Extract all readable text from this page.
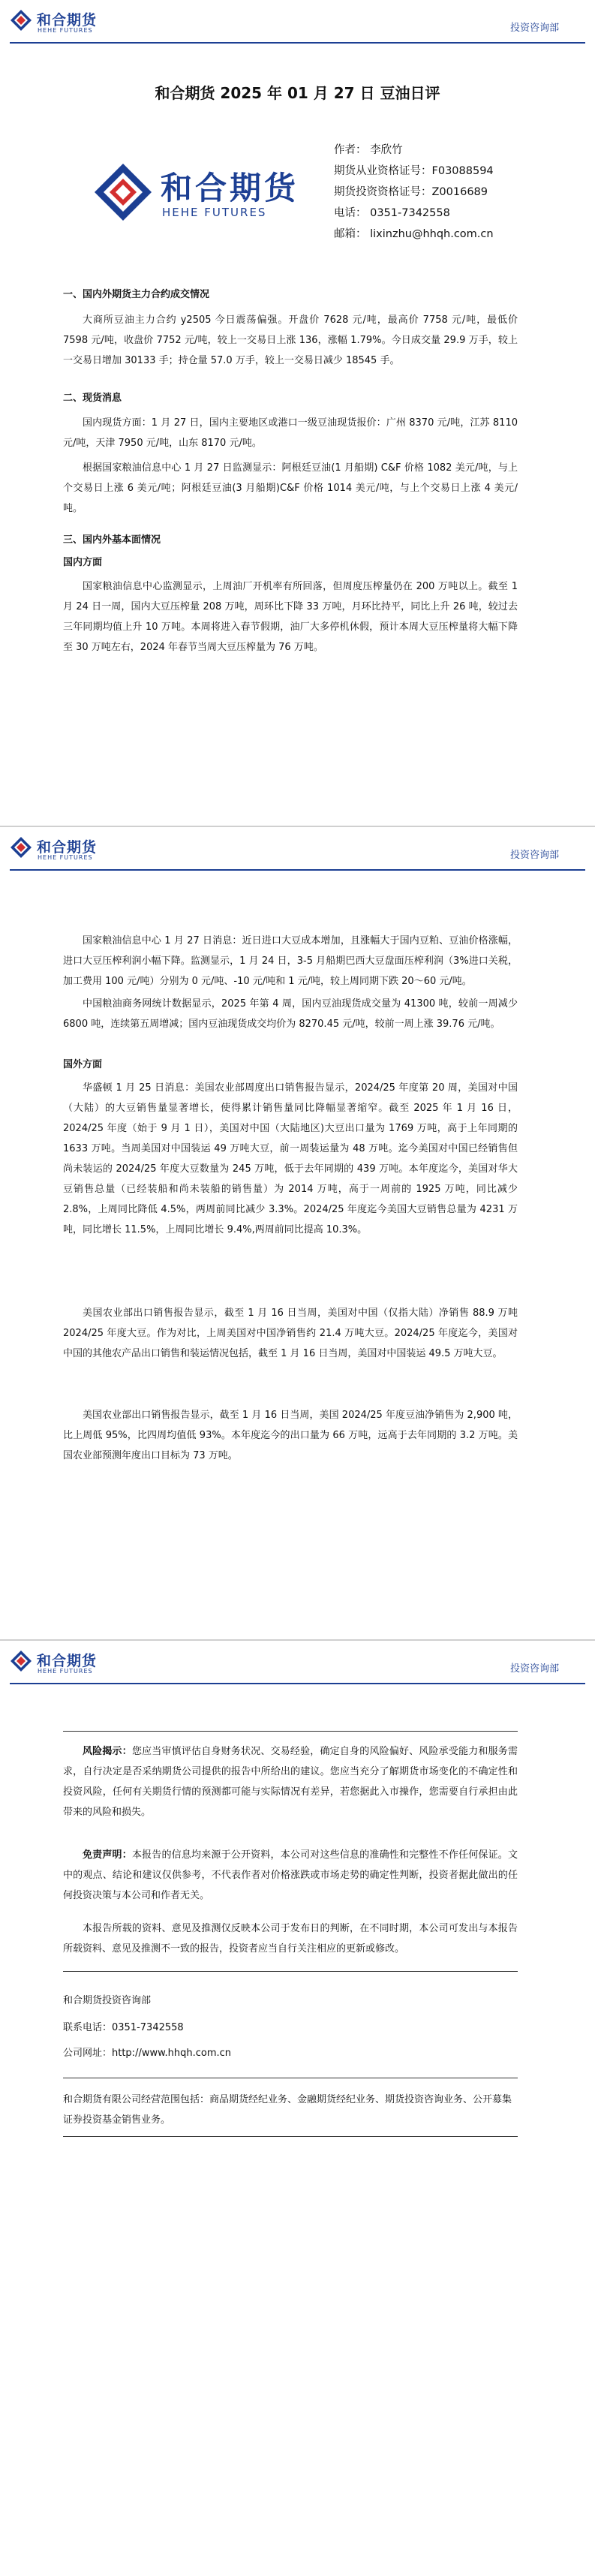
和合期货
HEHE FUTURES	投资咨询部
和合期货 2025 年 01 月 27 日 豆油日评
和合期货
HEHE FUTURES
作者： 李欣竹
期货从业资格证号：F03088594
期货投资资格证号：Z0016689
电话： 0351-7342558
邮箱： lixinzhu@hhqh.com.cn
一、国内外期货主力合约成交情况
大商所豆油主力合约 y2505 今日震荡偏强。开盘价 7628 元/吨，最高价 7758 元/吨，最低价 7598 元/吨，收盘价 7752 元/吨，较上一交易日上涨 136，涨幅 1.79%。今日成交量 29.9 万手，较上一交易日增加 30133 手；持仓量 57.0 万手，较上一交易日减少 18545 手。
二、现货消息
国内现货方面：1 月 27 日，国内主要地区或港口一级豆油现货报价：广州 8370 元/吨，江苏 8110 元/吨，天津 7950 元/吨，山东 8170 元/吨。
根据国家粮油信息中心 1 月 27 日监测显示：阿根廷豆油(1 月船期) C&F 价格 1082 美元/吨，与上个交易日上涨 6 美元/吨；阿根廷豆油(3 月船期)C&F 价格 1014 美元/吨，与上个交易日上涨 4 美元/吨。
三、国内外基本面情况
国内方面
国家粮油信息中心监测显示，上周油厂开机率有所回落，但周度压榨量仍在 200 万吨以上。截至 1 月 24 日一周，国内大豆压榨量 208 万吨，周环比下降 33 万吨，月环比持平，同比上升 26 吨，较过去三年同期均值上升 10 万吨。本周将进入春节假期，油厂大多停机休假，预计本周大豆压榨量将大幅下降至 30 万吨左右，2024 年春节当周大豆压榨量为 76 万吨。
和合期货
HEHE FUTURES	投资咨询部
国家粮油信息中心 1 月 27 日消息：近日进口大豆成本增加，且涨幅大于国内豆粕、豆油价格涨幅，进口大豆压榨利润小幅下降。监测显示，1 月 24 日，3-5 月船期巴西大豆盘面压榨利润（3%进口关税，加工费用 100 元/吨）分别为 0 元/吨、-10 元/吨和 1 元/吨，较上周同期下跌 20～60 元/吨。
中国粮油商务网统计数据显示，2025 年第 4 周，国内豆油现货成交量为 41300 吨，较前一周减少 6800 吨，连续第五周增减；国内豆油现货成交均价为 8270.45 元/吨，较前一周上涨 39.76 元/吨。
国外方面
华盛顿 1 月 25 日消息：美国农业部周度出口销售报告显示，2024/25 年度第 20 周，美国对中国（大陆）的大豆销售量显著增长，使得累计销售量同比降幅显著缩窄。截至 2025 年 1 月 16 日，2024/25 年度（始于 9 月 1 日），美国对中国（大陆地区)大豆出口量为 1769 万吨，高于上年同期的 1633 万吨。当周美国对中国装运 49 万吨大豆，前一周装运量为 48 万吨。迄今美国对中国已经销售但尚未装运的 2024/25 年度大豆数量为 245 万吨，低于去年同期的 439 万吨。本年度迄今，美国对华大豆销售总量（已经装船和尚未装船的销售量）为 2014 万吨，高于一周前的 1925 万吨，同比减少 2.8%，上周同比降低 4.5%，两周前同比减少 3.3%。2024/25 年度迄今美国大豆销售总量为 4231 万吨，同比增长 11.5%，上周同比增长 9.4%,两周前同比提高 10.3%。
美国农业部出口销售报告显示，截至 1 月 16 日当周，美国对中国（仅指大陆）净销售 88.9 万吨 2024/25 年度大豆。作为对比，上周美国对中国净销售约 21.4 万吨大豆。2024/25 年度迄今，美国对中国的其他农产品出口销售和装运情况包括，截至 1 月 16 日当周，美国对中国装运 49.5 万吨大豆。
美国农业部出口销售报告显示，截至 1 月 16 日当周，美国 2024/25 年度豆油净销售为 2,900 吨，比上周低 95%，比四周均值低 93%。本年度迄今的出口量为 66 万吨，远高于去年同期的 3.2 万吨。美国农业部预测年度出口目标为 73 万吨。
和合期货
HEHE FUTURES	投资咨询部
风险揭示：您应当审慎评估自身财务状况、交易经验，确定自身的风险偏好、风险承受能力和服务需求，自行决定是否采纳期货公司提供的报告中所给出的建议。您应当充分了解期货市场变化的不确定性和投资风险，任何有关期货行情的预测都可能与实际情况有差异，若您据此入市操作，您需要自行承担由此带来的风险和损失。
免责声明：本报告的信息均来源于公开资料，本公司对这些信息的准确性和完整性不作任何保证。文中的观点、结论和建议仅供参考，不代表作者对价格涨跌或市场走势的确定性判断，投资者据此做出的任何投资决策与本公司和作者无关。
本报告所载的资料、意见及推测仅反映本公司于发布日的判断，在不同时期，本公司可发出与本报告所载资料、意见及推测不一致的报告，投资者应当自行关注相应的更新或修改。
和合期货投资咨询部
联系电话：0351-7342558
公司网址：http://www.hhqh.com.cn
和合期货有限公司经营范围包括：商品期货经纪业务、金融期货经纪业务、期货投资咨询业务、公开募集证券投资基金销售业务。
